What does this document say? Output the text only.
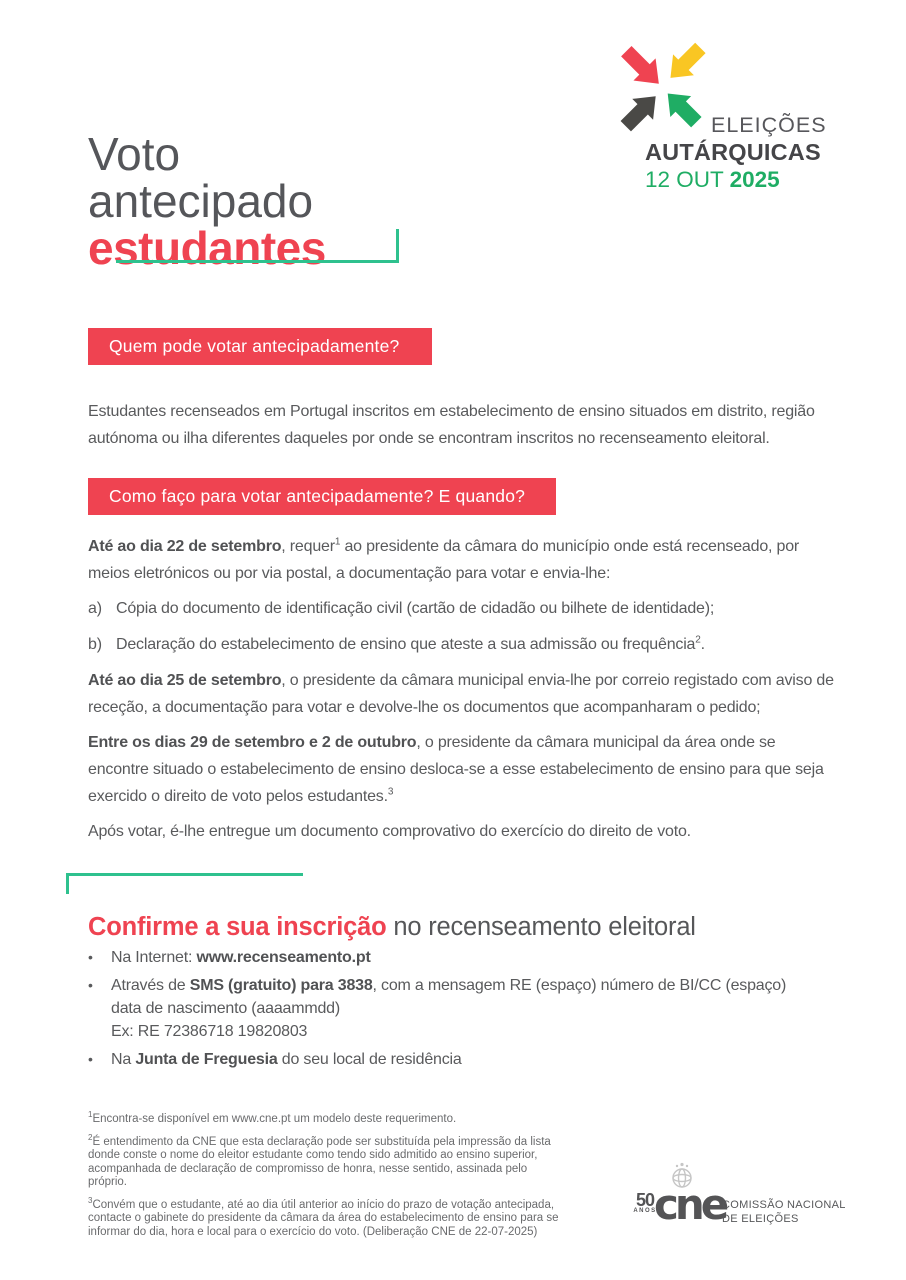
Voto
antecipado
estudantes
ELEIÇÕES
AUTÁRQUICAS
12 OUT 2025
Quem pode votar antecipadamente?

Estudantes recenseados em Portugal inscritos em estabelecimento de ensino situados em distrito, região autónoma ou ilha diferentes daqueles por onde se encontram inscritos no recenseamento eleitoral.

Como faço para votar antecipadamente? E quando?

Até ao dia 22 de setembro, requer$^1$ ao presidente da câmara do município onde está recenseado, por meios eletrónicos ou por via postal, a documentação para votar e envia-lhe:

a) Cópia do documento de identificação civil (cartão de cidadão ou bilhete de identidade);
b) Declaração do estabelecimento de ensino que ateste a sua admissão ou frequência$^2$.

Até ao dia 25 de setembro, o presidente da câmara municipal envia-lhe por correio registado com aviso de receção, a documentação para votar e devolve-lhe os documentos que acompanharam o pedido;

Entre os dias 29 de setembro e 2 de outubro, o presidente da câmara municipal da área onde se encontre situado o estabelecimento de ensino desloca-se a esse estabelecimento de ensino para que seja exercido o direito de voto pelos estudantes.$^3$

Após votar, é-lhe entregue um documento comprovativo do exercício do direito de voto.

Confirme a sua inscrição no recenseamento eleitoral
•	Na Internet: www.recenseamento.pt
•	Através de SMS (gratuito) para 3838, com a mensagem RE (espaço) número de BI/CC (espaço) data de nascimento (aaaammdd)
Ex: RE 72386718 19820803
•	Na Junta de Freguesia do seu local de residência

$^1$Encontra-se disponível em www.cne.pt um modelo deste requerimento.

$^2$É entendimento da CNE que esta declaração pode ser substituída pela impressão da lista donde conste o nome do eleitor estudante como tendo sido admitido ao ensino superior, acompanhada de declaração de compromisso de honra, nesse sentido, assinada pelo próprio.

$^3$Convém que o estudante, até ao dia útil anterior ao início do prazo de votação antecipada, contacte o gabinete do presidente da câmara da área do estabelecimento de ensino para se informar do dia, hora e local para o exercício do voto. (Deliberação CNE de 22-07-2025)

50
ANOS
cne
COMISSÃO NACIONAL
DE ELEIÇÕES
